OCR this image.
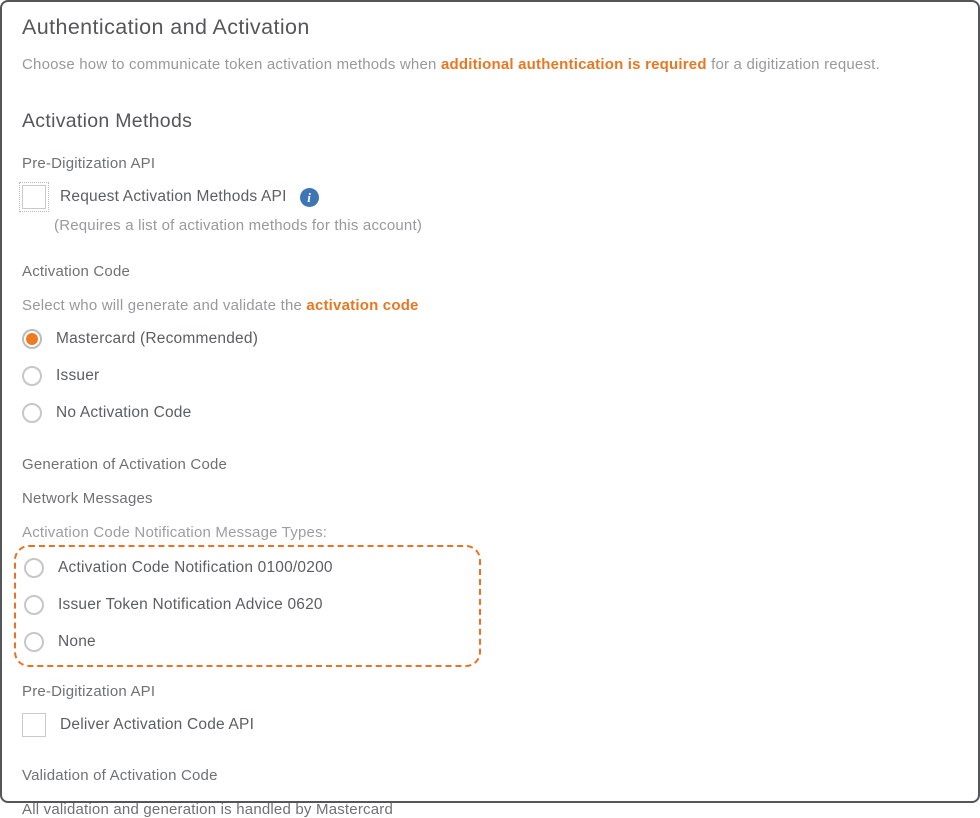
Authentication and Activation
Choose how to communicate token activation methods when additional authentication is required for a digitization request.
Activation Methods
Pre-Digitization API
Request Activation Methods API	i
(Requires a list of activation methods for this account)
Activation Code
Select who will generate and validate the activation code
Mastercard (Recommended)
Issuer
No Activation Code
Generation of Activation Code
Network Messages
Activation Code Notification Message Types:
Activation Code Notification 0100/0200
Issuer Token Notification Advice 0620
None
Pre-Digitization API
Deliver Activation Code API
Validation of Activation Code
All validation and generation is handled by Mastercard
